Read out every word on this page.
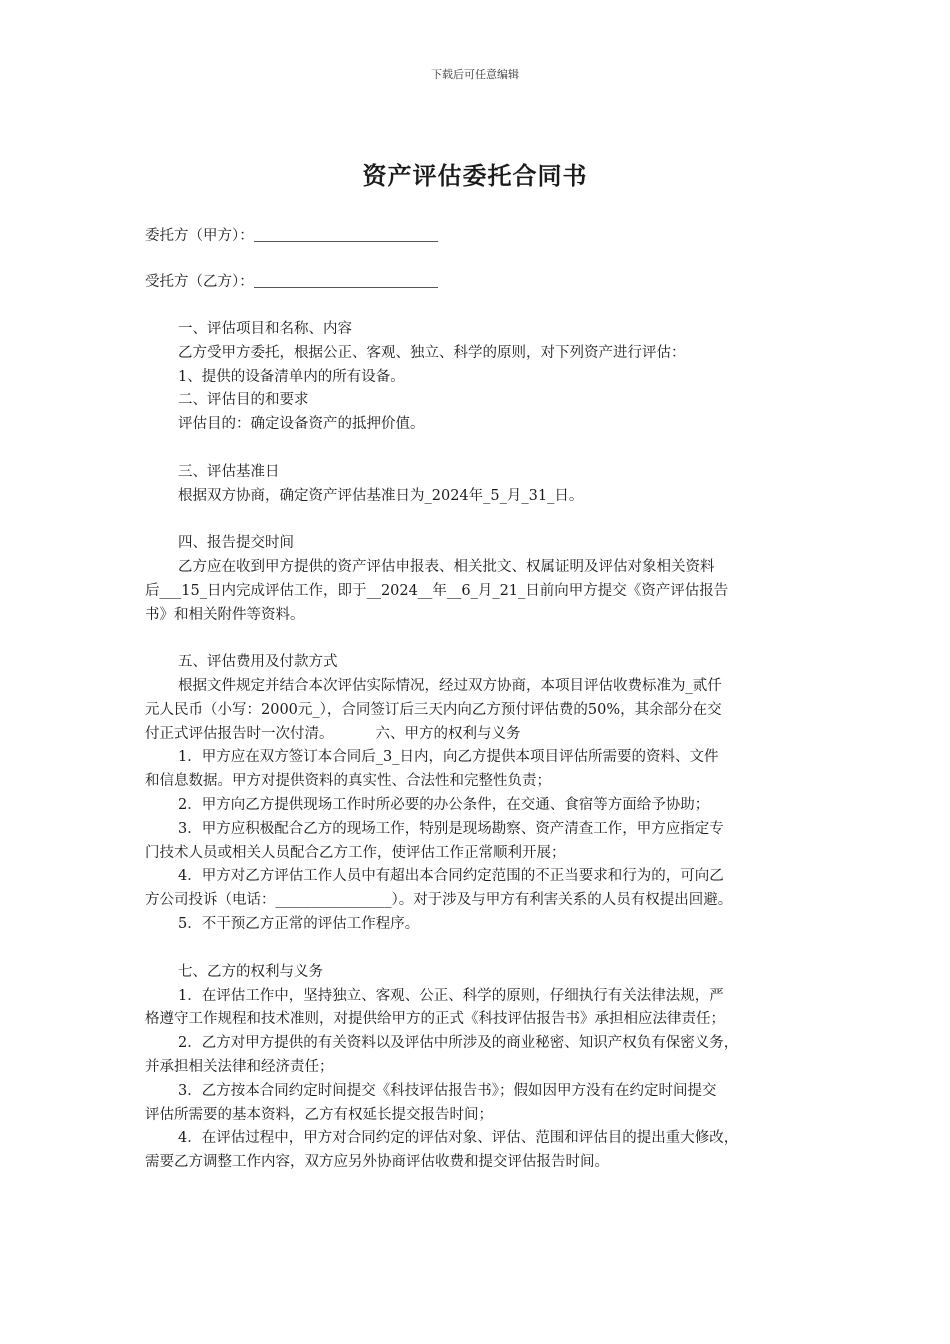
下载后可任意编辑
资产评估委托合同书
委托方（甲方）：
受托方（乙方）：

一、评估项目和名称、内容

乙方受甲方委托，根据公正、客观、独立、科学的原则，对下列资产进行评估：

1、提供的设备清单内的所有设备。

二、评估目的和要求

评估目的：确定设备资产的抵押价值。

三、评估基准日

根据双方协商，确定资产评估基准日为_2024年_5_月_31_日。

四、报告提交时间

乙方应在收到甲方提供的资产评估申报表、相关批文、权属证明及评估对象相关资料

后___15_日内完成评估工作，即于__2024__年__6_月_21_日前向甲方提交《资产评估报告

书》和相关附件等资料。

五、评估费用及付款方式

根据文件规定并结合本次评估实际情况，经过双方协商，本项目评估收费标准为_贰仟

元人民币（小写：2000元_），合同签订后三天内向乙方预付评估费的50%，其余部分在交

付正式评估报告时一次付清。	六、甲方的权利与义务

1．甲方应在双方签订本合同后_3_日内，向乙方提供本项目评估所需要的资料、文件

和信息数据。甲方对提供资料的真实性、合法性和完整性负责；

2．甲方向乙方提供现场工作时所必要的办公条件，在交通、食宿等方面给予协助；

3．甲方应积极配合乙方的现场工作，特别是现场勘察、资产清查工作，甲方应指定专

门技术人员或相关人员配合乙方工作，使评估工作正常顺利开展；

4．甲方对乙方评估工作人员中有超出本合同约定范围的不正当要求和行为的，可向乙

方公司投诉（电话：________________）。对于涉及与甲方有利害关系的人员有权提出回避。

5．不干预乙方正常的评估工作程序。

七、乙方的权利与义务

1．在评估工作中，坚持独立、客观、公正、科学的原则，仔细执行有关法律法规，严

格遵守工作规程和技术准则，对提供给甲方的正式《科技评估报告书》承担相应法律责任；

2．乙方对甲方提供的有关资料以及评估中所涉及的商业秘密、知识产权负有保密义务，

并承担相关法律和经济责任；

3．乙方按本合同约定时间提交《科技评估报告书》；假如因甲方没有在约定时间提交

评估所需要的基本资料，乙方有权延长提交报告时间；

4．在评估过程中，甲方对合同约定的评估对象、评估、范围和评估目的提出重大修改，

需要乙方调整工作内容，双方应另外协商评估收费和提交评估报告时间。
